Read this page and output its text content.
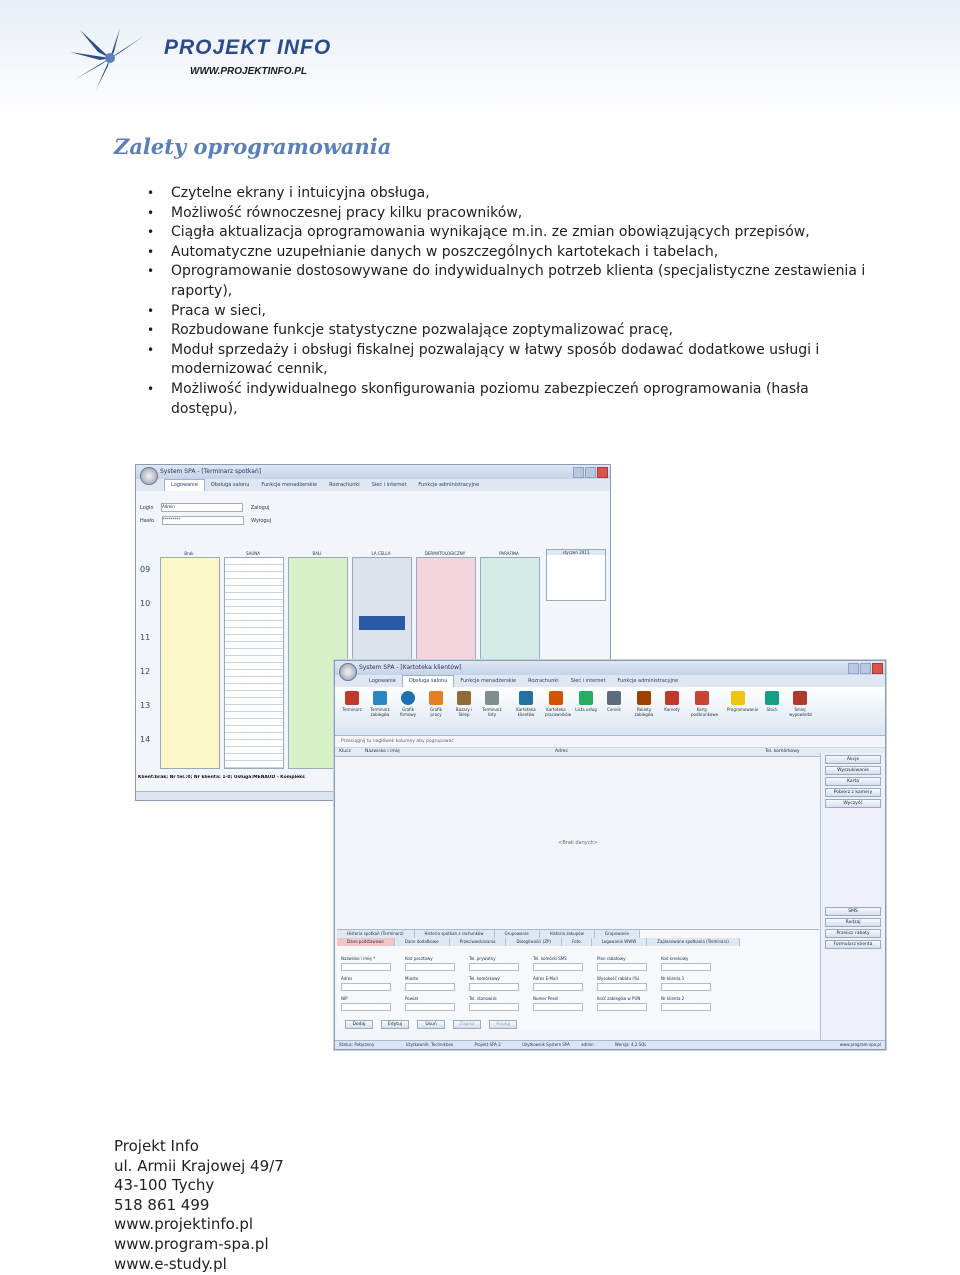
PROJEKT INFO
WWW.PROJEKTINFO.PL
Zalety oprogramowania
• Czytelne ekrany i intuicyjna obsługa,
• Możliwość równoczesnej pracy kilku pracowników,
• Ciągła aktualizacja oprogramowania wynikające m.in. ze zmian obowiązujących przepisów,
• Automatyczne uzupełnianie danych w poszczególnych kartotekach i tabelach,
• Oprogramowanie dostosowywane do indywidualnych potrzeb klienta (specjalistyczne zestawienia i raporty),
• Praca w sieci,
• Rozbudowane funkcje statystyczne pozwalające zoptymalizować pracę,
• Moduł sprzedaży i obsługi fiskalnej pozwalający w łatwy sposób dodawać dodatkowe usługi i modernizować cennik,
• Możliwość indywidualnego skonfigurowania poziomu zabezpieczeń oprogramowania (hasła dostępu),
System SPA - [Terminarz spotkań]
Logowanie	Obsługa salonu Funkcje menadżerskie Rozrachunki Sieć i internet Funkcje administracyjne
Login Admin	Zaloguj
Hasło *********	Wyloguj
Brak	SAUNA	BALI	LA CELLA	DERMATOLOGICZNY	PARAFINA
09
10
11
12
13
14
styczeń 2011
Klient:brak; Nr tel.:0; Nr klienta: 1-0; Usługa:MENAUD - Kompleks
System SPA - [Kartoteka klientów]
Logowanie	Obsługa salonu	Funkcje menadżerskie Rozrachunki Sieć i internet Funkcje administracyjne
Terminarz	Terminarz zabiegów
Grafik firmowy
Grafik pracy
Bazary i Sklep
Terminarz listy
Kartoteka klientów
Kartoteka pracowników
Lista usług	Cennik	Pakiety zabiegów
Karnety	Karty podarunkowe
Programowanie	Stock	Śmiej wypowiedzi
Przeciągnij tu nagłówek kolumny aby pogrupować
Klucz	Nazwisko i imię	Adres	Tel. komórkowy
<Brak danych>
Akcje
Wyszukiwanie
Karta
Pobierz z kamery
Wyczyść
SMS
Rodzaj
Przelicz rabaty
Formularz klienta
Historia spotkań (Terminarz)	Historia spotkań z rachunków	Grupowanie	Historia zakupów	Grupowanie
Dane podstawowe	Dane dodatkowe	Przeciwwskazania	Dolegliwości (ZP)	Foto	Logowanie WWW	Zaplanowane spotkania (Terminarz)
Nazwisko i imię *	Kod pocztowy	Tel. prywatny	Tel. komórki SMS	Plan rabatowy	Kod kreskowy
Adres	Miasto	Tel. komórkowy	Adres E-Mail	Wysokość rabatu (%)	Nr klienta 1
NIP	Powiat	Tel. stanowisk	Numer Pesel	Ilość zabiegów w PUN	Nr klienta 2
Dodaj	Edytuj	Usuń	Zapisz	Anuluj
Status: Połączony	Użytkownik: Technikbox	Projekt SPA 2	Użytkownik System SPA	admin	Wersja: 4.2 SQL	www.program-spa.pl
Projekt Info
ul. Armii Krajowej 49/7
43-100 Tychy
518 861 499
www.projektinfo.pl
www.program-spa.pl
www.e-study.pl
